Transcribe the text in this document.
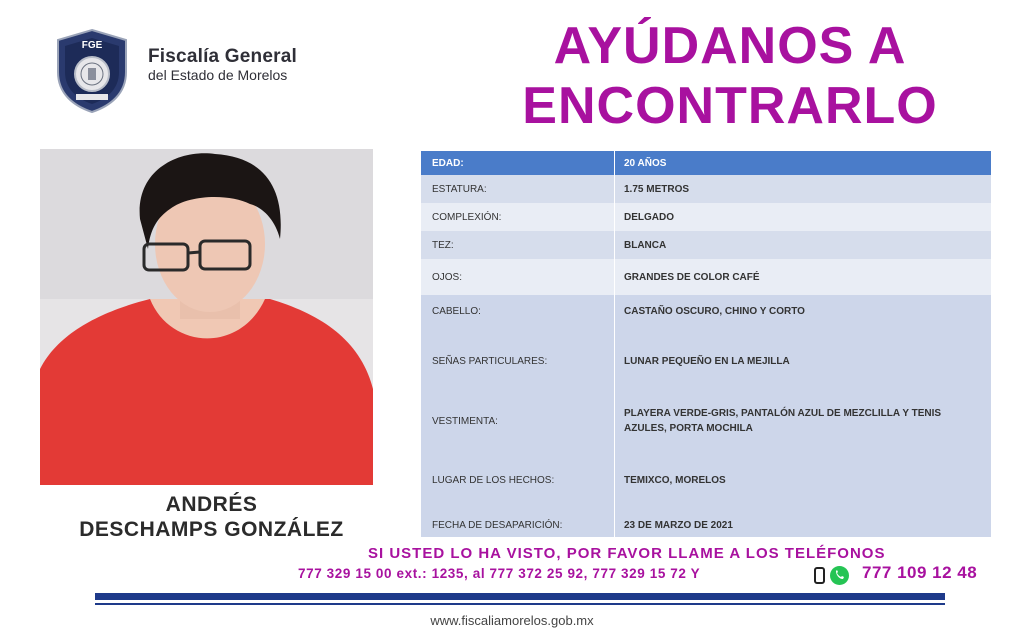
FGE
Fiscalía General
del Estado de Morelos	AYÚDANOS A
ENCONTRARLO
ANDRÉS
DESCHAMPS GONZÁLEZ
EDAD:	20 AÑOS
ESTATURA:	1.75 METROS
COMPLEXIÓN:	DELGADO
TEZ:	BLANCA
OJOS:	GRANDES DE COLOR CAFÉ
CABELLO:	CASTAÑO OSCURO, CHINO Y CORTO
SEÑAS PARTICULARES:	LUNAR PEQUEÑO EN LA MEJILLA
VESTIMENTA:
PLAYERA VERDE-GRIS, PANTALÓN AZUL DE MEZCLILLA Y TENIS AZULES, PORTA MOCHILA
LUGAR DE LOS HECHOS:	TEMIXCO, MORELOS
FECHA DE DESAPARICIÓN:	23 DE MARZO DE 2021
SI USTED LO HA VISTO, POR FAVOR LLAME A LOS TELÉFONOS
777 329 15 00 ext.: 1235, al 777 372 25 92, 777 329 15 72 Y	777 109 12 48
www.fiscaliamorelos.gob.mx
